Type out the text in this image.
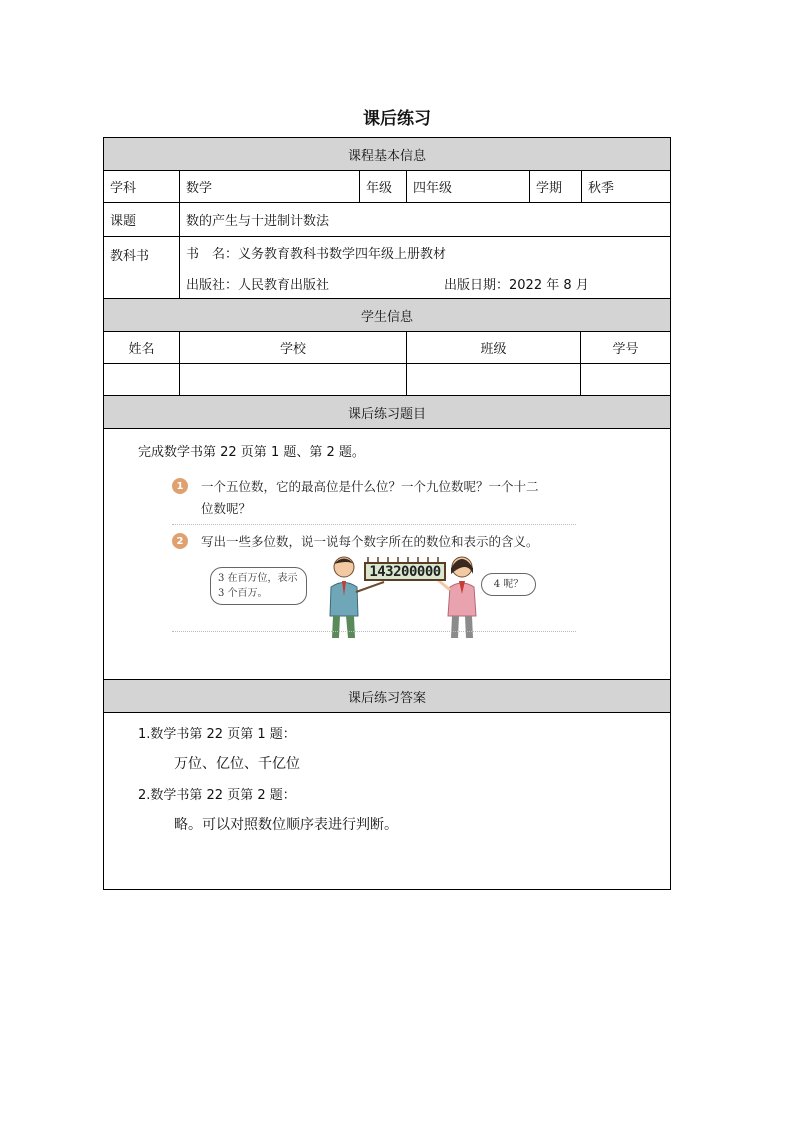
课后练习
课程基本信息
学科	数学	年级	四年级	学期	秋季
课题	数的产生与十进制计数法
教科书	书　名：义务教育教科书数学四年级上册教材
出版社：人民教育出版社	出版日期：2022 年 8 月
学生信息
姓名	学校	班级	学号
课后练习题目
完成数学书第 22 页第 1 题、第 2 题。
1	一个五位数，它的最高位是什么位？一个九位数呢？一个十二
位数呢？
2	写出一些多位数，说一说每个数字所在的数位和表示的含义。
3 在百万位，表示
3 个百万。
143200000
4 呢？
课后练习答案
1.数学书第 22 页第 1 题：
万位、亿位、千亿位
2.数学书第 22 页第 2 题：
略。可以对照数位顺序表进行判断。
